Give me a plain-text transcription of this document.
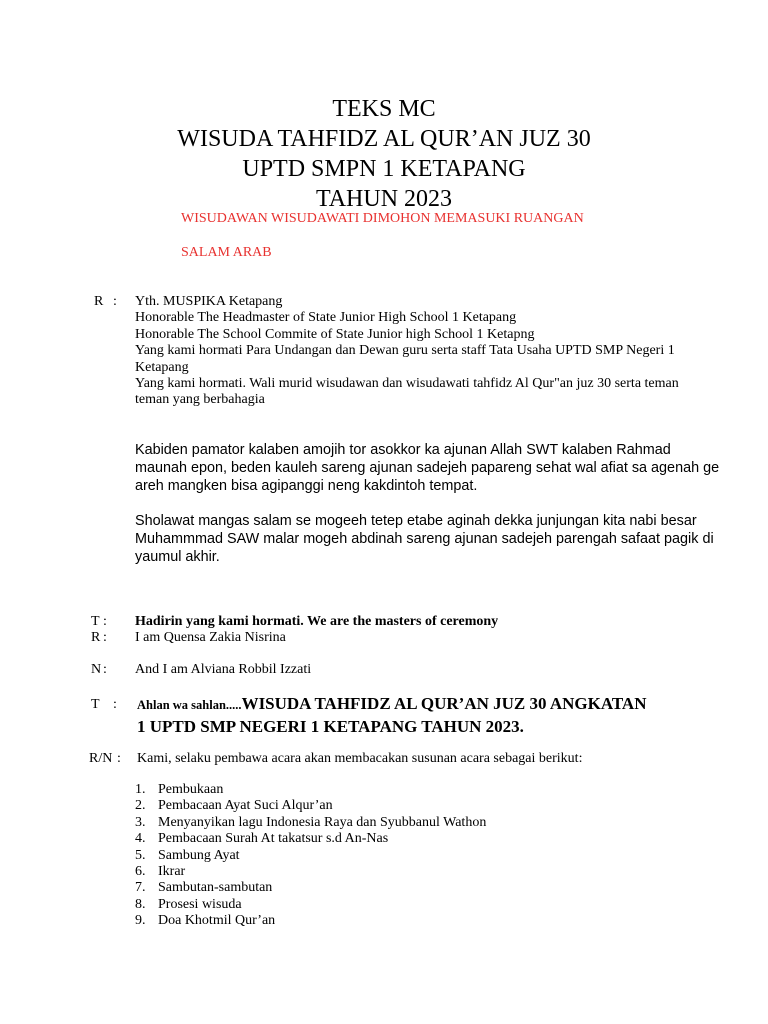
TEKS MC
WISUDA TAHFIDZ AL QUR’AN JUZ 30
UPTD SMPN 1 KETAPANG
TAHUN 2023
WISUDAWAN WISUDAWATI DIMOHON MEMASUKI RUANGAN
SALAM ARAB
R : Yth. MUSPIKA Ketapang
Honorable The Headmaster of State Junior High School 1 Ketapang
Honorable The School Commite of State Junior high School 1 Ketapng
Yang kami hormati Para Undangan dan Dewan guru serta staff Tata Usaha UPTD SMP Negeri 1
Ketapang
Yang kami hormati. Wali murid wisudawan dan wisudawati tahfidz Al Qur"an juz 30 serta teman
teman yang berbahagia
Kabiden pamator kalaben amojih tor asokkor ka ajunan Allah SWT kalaben Rahmad
maunah epon, beden kauleh sareng ajunan sadejeh papareng sehat wal afiat sa agenah ge
areh mangken bisa agipanggi neng kakdintoh tempat.
Sholawat mangas salam se mogeeh tetep etabe aginah dekka junjungan kita nabi besar
Muhammmad SAW malar mogeh abdinah sareng ajunan sadejeh parengah safaat pagik di
yaumul akhir.
T : Hadirin yang kami hormati. We are the masters of ceremony
R : I am Quensa Zakia Nisrina
N : And I am Alviana Robbil Izzati
T : Ahlan wa sahlan.....WISUDA TAHFIDZ AL QUR’AN JUZ 30 ANGKATAN
1 UPTD SMP NEGERI 1 KETAPANG TAHUN 2023.
R/N : Kami, selaku pembawa acara akan membacakan susunan acara sebagai berikut:
1. Pembukaan
2. Pembacaan Ayat Suci Alqur’an
3. Menyanyikan lagu Indonesia Raya dan Syubbanul Wathon
4. Pembacaan Surah At takatsur s.d An-Nas
5. Sambung Ayat
6. Ikrar
7. Sambutan-sambutan
8. Prosesi wisuda
9. Doa Khotmil Qur’an
